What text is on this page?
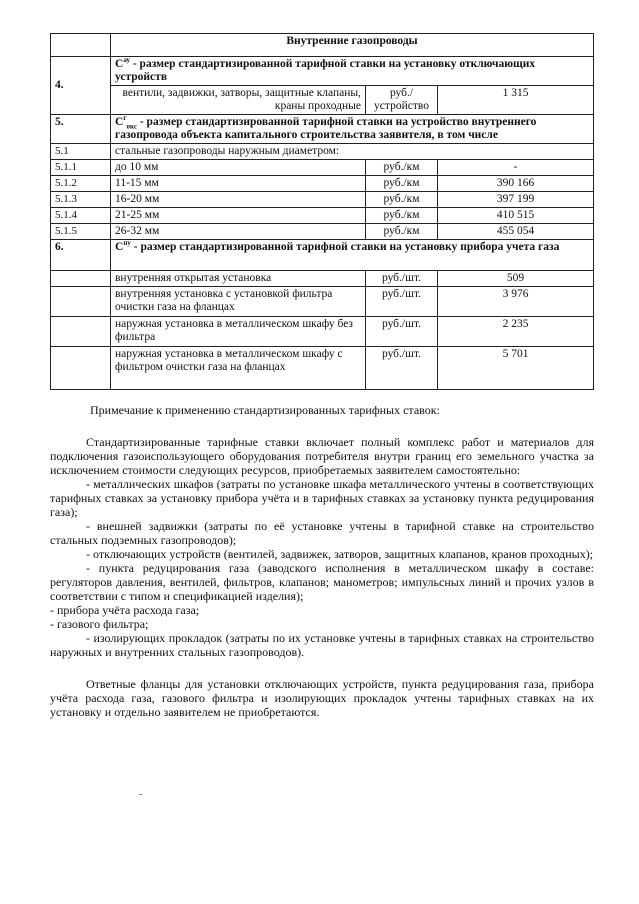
	Внутренние газопроводы		
4.	$С^{ау}$ - размер стандартизированной тарифной ставки на установку отключающих устройств		
	вентили, задвижки, затворы, защитные клапаны, краны проходные	руб./ устройство	1 315
5.	$С^г_{окс}$ - размер стандартизированной тарифной ставки на устройство внутреннего газопровода объекта капитального строительства заявителя, в том числе		
5.1	стальные газопроводы наружным диаметром:		
5.1.1	до 10 мм	руб./км	-
5.1.2	11-15 мм	руб./км	390 166
5.1.3	16-20 мм	руб./км	397 199
5.1.4	21-25 мм	руб./км	410 515
5.1.5	26-32 мм	руб./км	455 054
6.	$С^{пу}$ - размер стандартизированной тарифной ставки на установку прибора учета газа		
	внутренняя открытая установка	руб./шт.	509
	внутренняя установка с установкой фильтра очистки газа на фланцах	руб./шт.	3 976
	наружная установка в металлическом шкафу без фильтра	руб./шт.	2 235
	наружная установка в металлическом шкафу с фильтром очистки газа на фланцах	руб./шт.	5 701

Примечание к применению стандартизированных тарифных ставок:

Стандартизированные тарифные ставки включает полный комплекс работ и материалов для подключения газоиспользующего оборудования потребителя внутри границ его земельного участка за исключением стоимости следующих ресурсов, приобретаемых заявителем самостоятельно:

- металлических шкафов (затраты по установке шкафа металлического учтены в соответствующих тарифных ставках за установку прибора учёта и в тарифных ставках за установку пункта редуцирования газа);

- внешней задвижки (затраты по её установке учтены в тарифной ставке на строительство стальных подземных газопроводов);

- отключающих устройств (вентилей, задвижек, затворов, защитных клапанов, кранов проходных);

- пункта редуцирования газа (заводского исполнения в металлическом шкафу в составе: регуляторов давления, вентилей, фильтров, клапанов; манометров; импульсных линий и прочих узлов в соответствии с типом и спецификацией изделия);

- прибора учёта расхода газа;

- газового фильтра;

- изолирующих прокладок (затраты по их установке учтены в тарифных ставках на строительство наружных и внутренних стальных газопроводов).

Ответные фланцы для установки отключающих устройств, пункта редуцирования газа, прибора учёта расхода газа, газового фильтра и изолирующих прокладок учтены тарифных ставках на их установку и отдельно заявителем не приобретаются.

-
